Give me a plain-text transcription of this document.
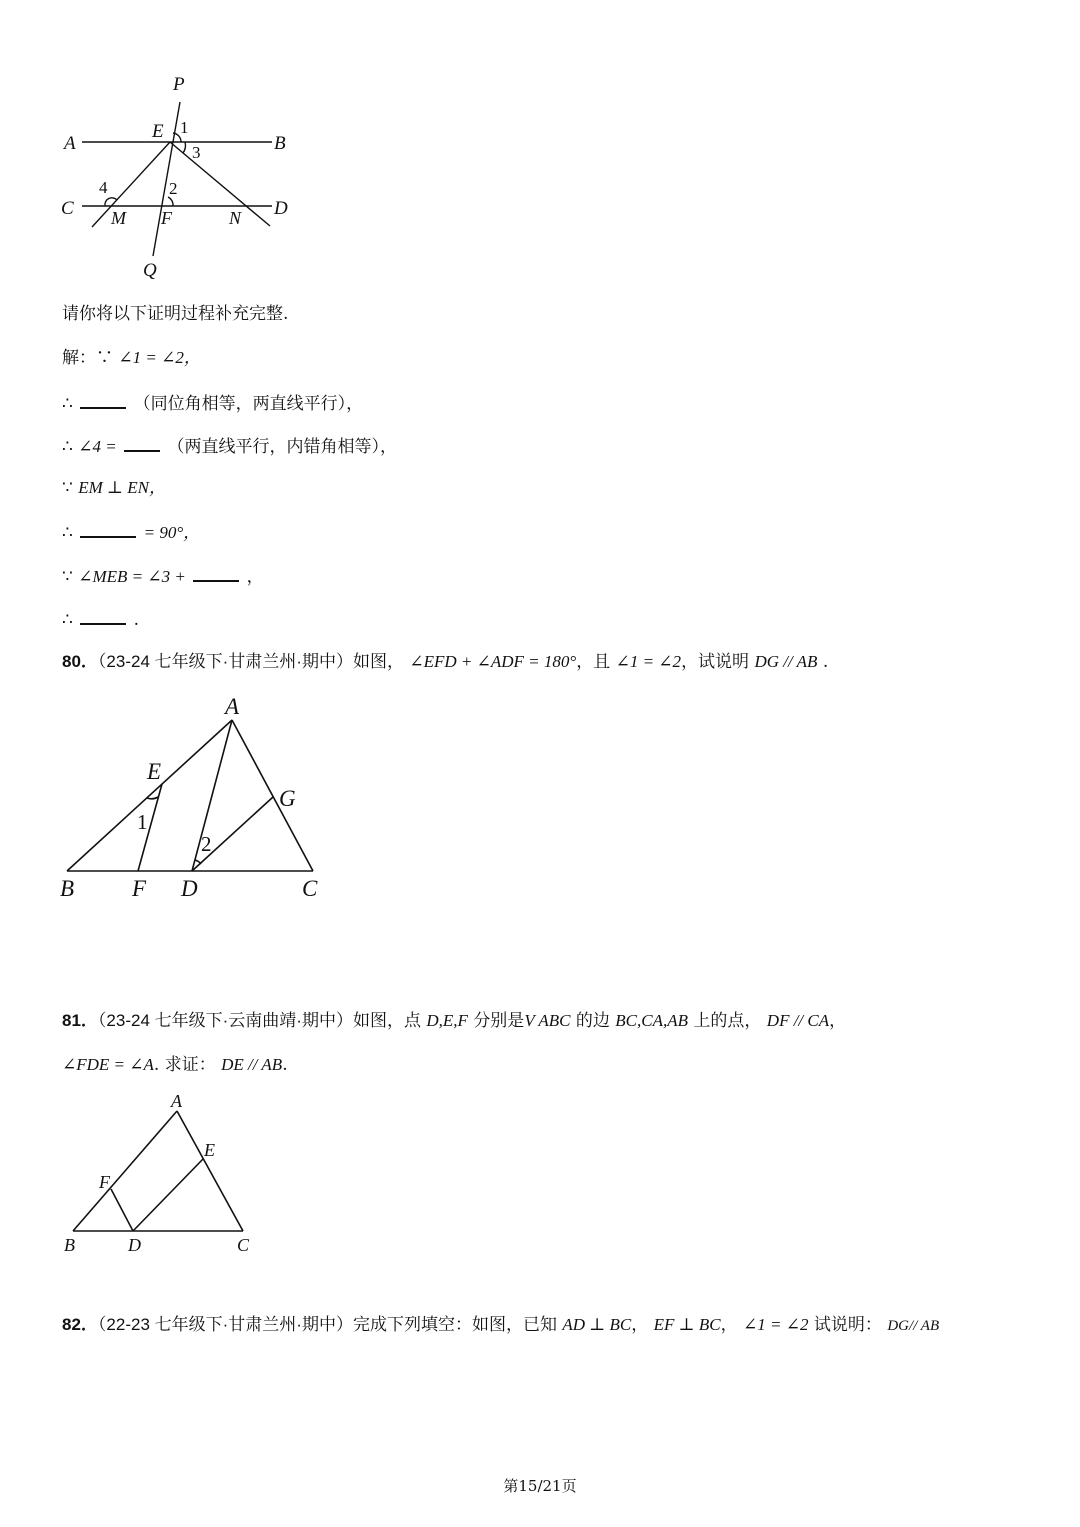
P
A
E 1
B
3
4	2
C M F	N D
Q
请你将以下证明过程补充完整.
解：∵ ∠1 = ∠2，
∴	（同位角相等，两直线平行），
∴ ∠4 =	（两直线平行，内错角相等），
∵ EM ⊥ EN，
∴	= 90°，
∵ ∠MEB = ∠3 +	，
∴	.
80．（23-24 七年级下·甘肃兰州·期中）如图， ∠EFD + ∠ADF = 180°，且 ∠1 = ∠2，试说明 DG // AB .
A
E
G
1
2
B	F D	C
81．（23-24 七年级下·云南曲靖·期中）如图，点 D,E,F 分别是V ABC 的边 BC,CA,AB 上的点， DF // CA，
∠FDE = ∠A. 求证： DE // AB.
A
E
F
B	D	C
82．（22-23 七年级下·甘肃兰州·期中）完成下列填空：如图，已知 AD ⊥ BC， EF ⊥ BC， ∠1 = ∠2 试说明： DG// AB
第15/21页
